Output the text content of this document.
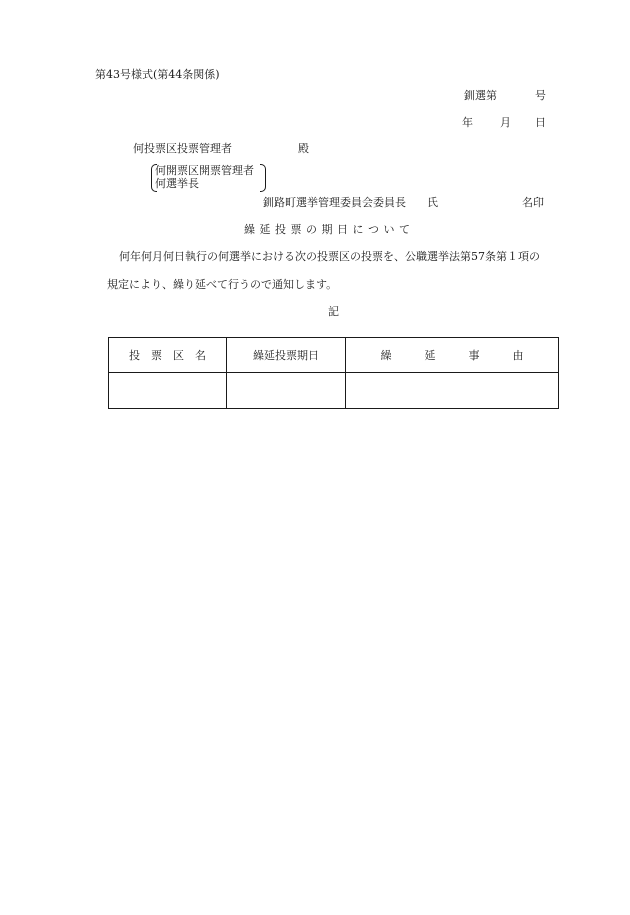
第43号様式(第44条関係)
釧選第	号
年 月 日
何投票区投票管理者	殿
何開票区開票管理者
何選挙長
釧路町選挙管理委員会委員長 氏	名印
繰 延 投 票 の 期 日 に つ い て
何年何月何日執行の何選挙における次の投票区の投票を、公職選挙法第57条第１項の
規定により、繰り延べて行うので通知します。
記
投　票　区　名	繰延投票期日	繰　　　延　　　事　　　由
